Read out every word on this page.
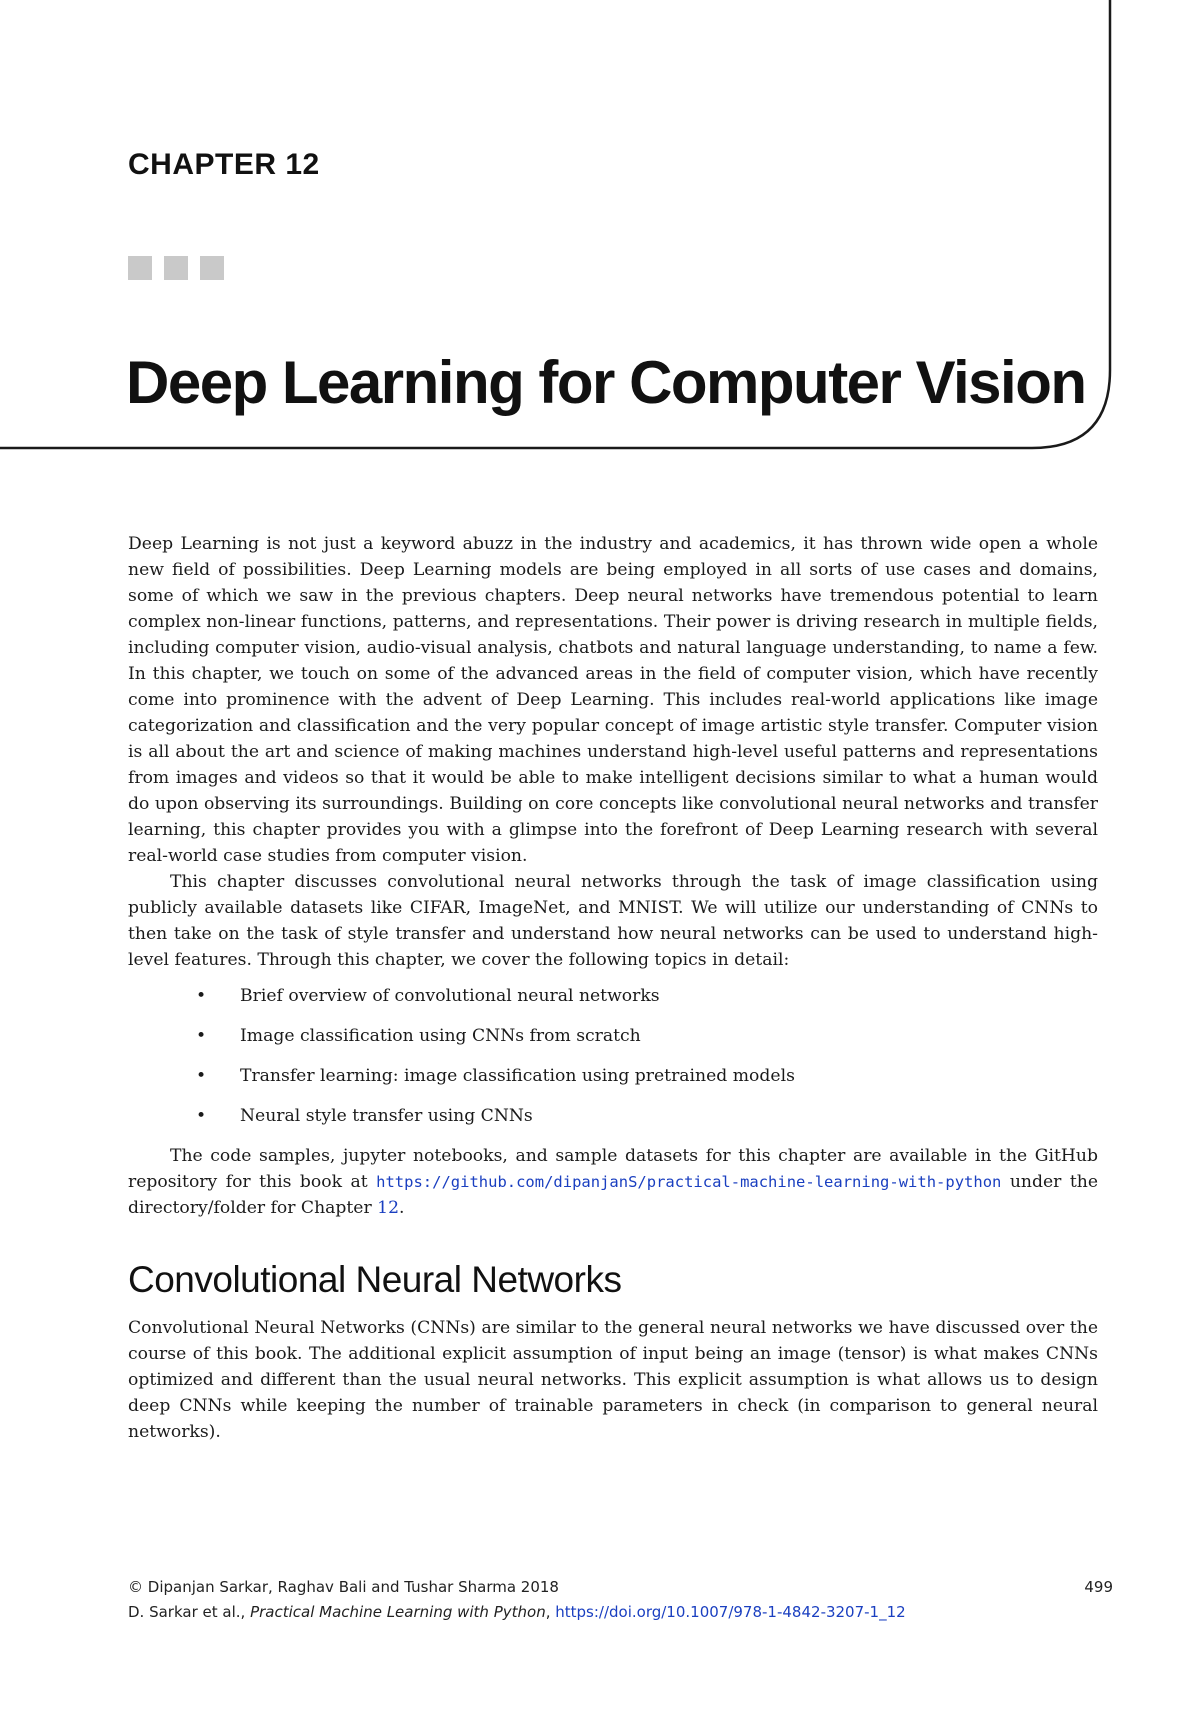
CHAPTER 12
Deep Learning for Computer Vision

Deep Learning is not just a keyword abuzz in the industry and academics, it has thrown wide open a whole new field of possibilities. Deep Learning models are being employed in all sorts of use cases and domains, some of which we saw in the previous chapters. Deep neural networks have tremendous potential to learn complex non-linear functions, patterns, and representations. Their power is driving research in multiple fields, including computer vision, audio-visual analysis, chatbots and natural language understanding, to name a few. In this chapter, we touch on some of the advanced areas in the field of computer vision, which have recently come into prominence with the advent of Deep Learning. This includes real-world applications like image categorization and classification and the very popular concept of image artistic style transfer. Computer vision is all about the art and science of making machines understand high-level useful patterns and representations from images and videos so that it would be able to make intelligent decisions similar to what a human would do upon observing its surroundings. Building on core concepts like convolutional neural networks and transfer learning, this chapter provides you with a glimpse into the forefront of Deep Learning research with several real-world case studies from computer vision.

This chapter discusses convolutional neural networks through the task of image classification using publicly available datasets like CIFAR, ImageNet, and MNIST. We will utilize our understanding of CNNs to then take on the task of style transfer and understand how neural networks can be used to understand high-level features. Through this chapter, we cover the following topics in detail:

• Brief overview of convolutional neural networks
• Image classification using CNNs from scratch
• Transfer learning: image classification using pretrained models
• Neural style transfer using CNNs

The code samples, jupyter notebooks, and sample datasets for this chapter are available in the GitHub repository for this book at https://github.com/dipanjanS/practical-machine-learning-with-python under the directory/folder for Chapter 12.

Convolutional Neural Networks

Convolutional Neural Networks (CNNs) are similar to the general neural networks we have discussed over the course of this book. The additional explicit assumption of input being an image (tensor) is what makes CNNs optimized and different than the usual neural networks. This explicit assumption is what allows us to design deep CNNs while keeping the number of trainable parameters in check (in comparison to general neural networks).

© Dipanjan Sarkar, Raghav Bali and Tushar Sharma 2018	499
D. Sarkar et al., Practical Machine Learning with Python, https://doi.org/10.1007/978-1-4842-3207-1_12
